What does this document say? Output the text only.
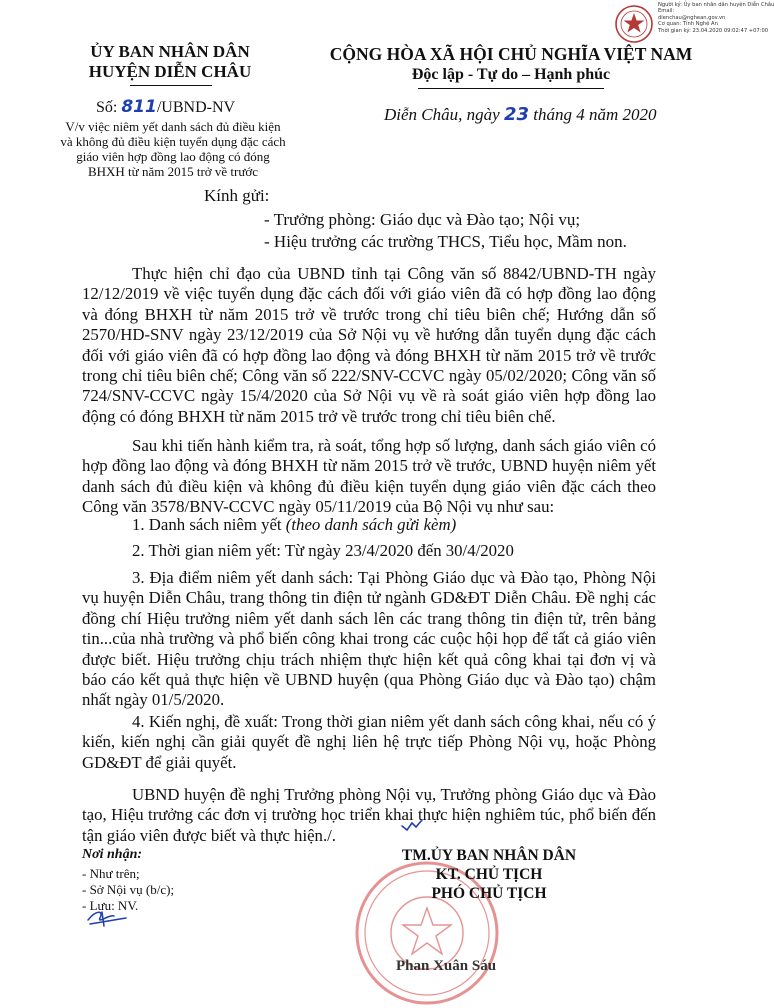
Người ký: Ủy ban nhân dân huyện Diễn Châu
Email:
dienchau@nghean.gov.vn
Cơ quan: Tỉnh Nghệ An
Thời gian ký: 23.04.2020 09:02:47 +07:00
ỦY BAN NHÂN DÂN
HUYỆN DIỄN CHÂU
CỘNG HÒA XÃ HỘI CHỦ NGHĨA VIỆT NAM
Độc lập - Tự do – Hạnh phúc
Số: 811/UBND-NV
V/v việc niêm yết danh sách đủ điều kiện và không đủ điều kiện tuyển dụng đặc cách giáo viên hợp đồng lao động có đóng BHXH từ năm 2015 trở về trước
Diễn Châu, ngày 23 tháng 4 năm 2020
Kính gửi:
- Trưởng phòng: Giáo dục và Đào tạo; Nội vụ;
- Hiệu trưởng các trường THCS, Tiểu học, Mầm non.

Thực hiện chỉ đạo của UBND tỉnh tại Công văn số 8842/UBND-TH ngày 12/12/2019 về việc tuyển dụng đặc cách đối với giáo viên đã có hợp đồng lao động và đóng BHXH từ năm 2015 trở về trước trong chỉ tiêu biên chế; Hướng dẫn số 2570/HD-SNV ngày 23/12/2019 của Sở Nội vụ về hướng dẫn tuyển dụng đặc cách đối với giáo viên đã có hợp đồng lao động và đóng BHXH từ năm 2015 trở về trước trong chỉ tiêu biên chế; Công văn số 222/SNV-CCVC ngày 05/02/2020; Công văn số 724/SNV-CCVC ngày 15/4/2020 của Sở Nội vụ về rà soát giáo viên hợp đồng lao động có đóng BHXH từ năm 2015 trở về trước trong chỉ tiêu biên chế.

Sau khi tiến hành kiểm tra, rà soát, tổng hợp số lượng, danh sách giáo viên có hợp đồng lao động và đóng BHXH từ năm 2015 trở về trước, UBND huyện niêm yết danh sách đủ điều kiện và không đủ điều kiện tuyển dụng giáo viên đặc cách theo Công văn 3578/BNV-CCVC ngày 05/11/2019 của Bộ Nội vụ như sau:

1. Danh sách niêm yết (theo danh sách gửi kèm)

2. Thời gian niêm yết: Từ ngày 23/4/2020 đến 30/4/2020

3. Địa điểm niêm yết danh sách: Tại Phòng Giáo dục và Đào tạo, Phòng Nội vụ huyện Diễn Châu, trang thông tin điện tử ngành GD&ĐT Diễn Châu. Đề nghị các đồng chí Hiệu trưởng niêm yết danh sách lên các trang thông tin điện tử, trên bảng tin...của nhà trường và phổ biến công khai trong các cuộc hội họp để tất cả giáo viên được biết. Hiệu trưởng chịu trách nhiệm thực hiện kết quả công khai tại đơn vị và báo cáo kết quả thực hiện về UBND huyện (qua Phòng Giáo dục và Đào tạo) chậm nhất ngày 01/5/2020.

4. Kiến nghị, đề xuất: Trong thời gian niêm yết danh sách công khai, nếu có ý kiến, kiến nghị cần giải quyết đề nghị liên hệ trực tiếp Phòng Nội vụ, hoặc Phòng GD&ĐT để giải quyết.

UBND huyện đề nghị Trưởng phòng Nội vụ, Trưởng phòng Giáo dục và Đào tạo, Hiệu trưởng các đơn vị trường học triển khai thực hiện nghiêm túc, phổ biến đến tận giáo viên được biết và thực hiện./.

Nơi nhận:
- Như trên;
- Sở Nội vụ (b/c);
- Lưu: NV.
TM.ỦY BAN NHÂN DÂN
KT. CHỦ TỊCH
PHÓ CHỦ TỊCH
Phan Xuân Sáu
